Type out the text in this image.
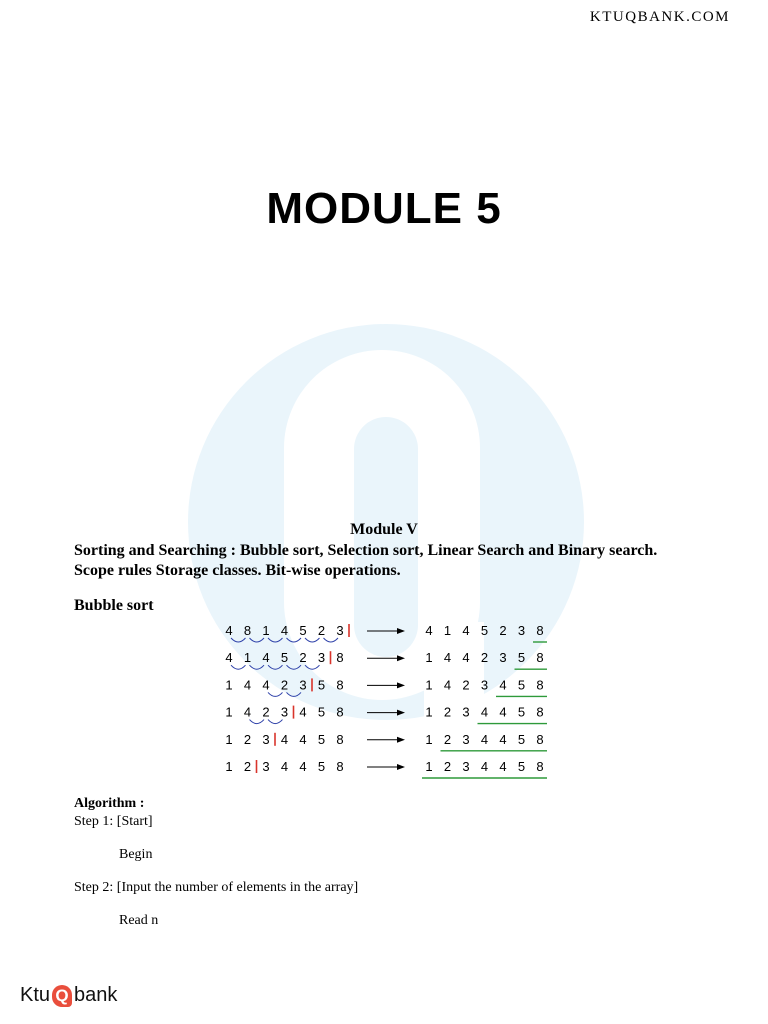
KTUQBANK.COM
MODULE 5
Module V
Sorting and Searching : Bubble sort, Selection sort, Linear Search and Binary search. Scope rules Storage classes. Bit-wise operations.
Bubble sort
4 8 1 4 5 2 3	4 1 4 5 2 3 8
4 1 4 5 2 3 8	1 4 4 2 3 5 8
1 4 4 2 3 5 8	1 4 2 3 4 5 8
1 4 2 3 4 5 8	1 2 3 4 4 5 8
1 2 3 4 4 5 8	1 2 3 4 4 5 8
1 2 3 4 4 5 8	1 2 3 4 4 5 8
Algorithm :
Step 1: [Start]
Begin
Step 2: [Input the number of elements in the array]
Read n
Ktu Q bank
